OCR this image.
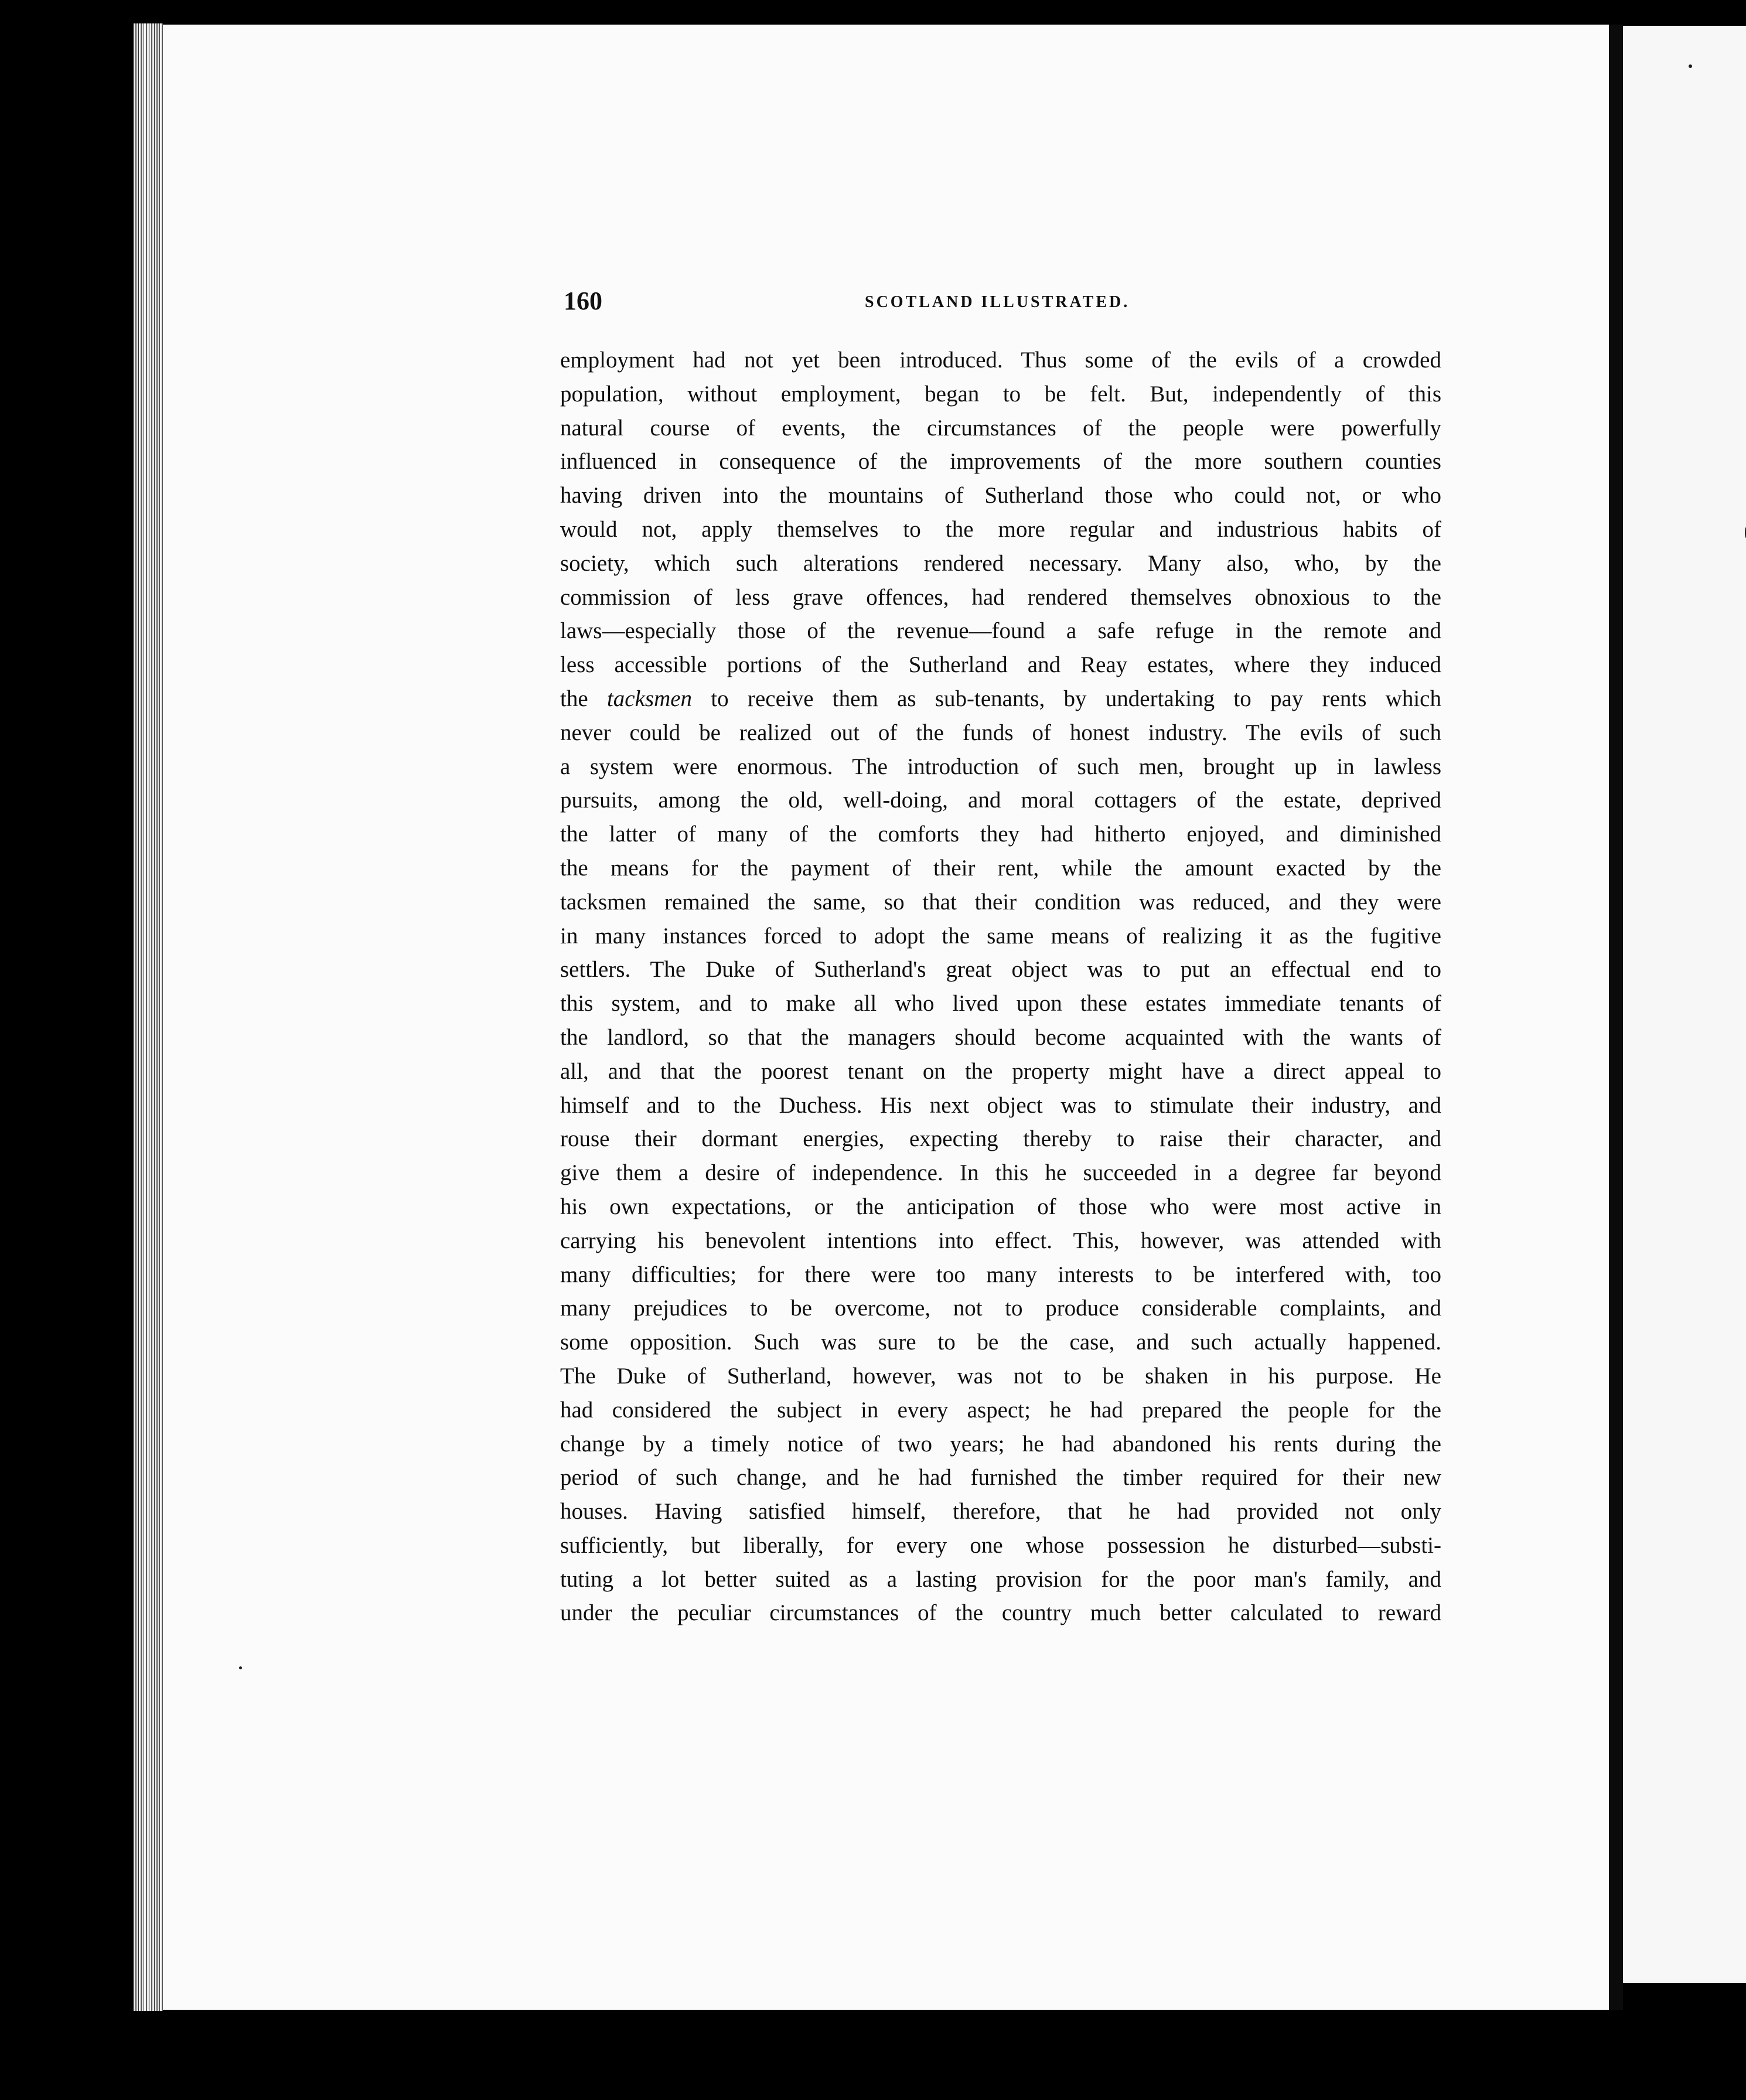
160	SCOTLAND ILLUSTRATED.
employment had not yet been introduced. Thus some of the evils of a crowded
population, without employment, began to be felt. But, independently of this
natural course of events, the circumstances of the people were powerfully
influenced in consequence of the improvements of the more southern counties
having driven into the mountains of Sutherland those who could not, or who
would not, apply themselves to the more regular and industrious habits of
society, which such alterations rendered necessary. Many also, who, by the
commission of less grave offences, had rendered themselves obnoxious to the
laws—especially those of the revenue—found a safe refuge in the remote and
less accessible portions of the Sutherland and Reay estates, where they induced
the tacksmen to receive them as sub-tenants, by undertaking to pay rents which
never could be realized out of the funds of honest industry. The evils of such
a system were enormous. The introduction of such men, brought up in lawless
pursuits, among the old, well-doing, and moral cottagers of the estate, deprived
the latter of many of the comforts they had hitherto enjoyed, and diminished
the means for the payment of their rent, while the amount exacted by the
tacksmen remained the same, so that their condition was reduced, and they were
in many instances forced to adopt the same means of realizing it as the fugitive
settlers. The Duke of Sutherland's great object was to put an effectual end to
this system, and to make all who lived upon these estates immediate tenants of
the landlord, so that the managers should become acquainted with the wants of
all, and that the poorest tenant on the property might have a direct appeal to
himself and to the Duchess. His next object was to stimulate their industry, and
rouse their dormant energies, expecting thereby to raise their character, and
give them a desire of independence. In this he succeeded in a degree far beyond
his own expectations, or the anticipation of those who were most active in
carrying his benevolent intentions into effect. This, however, was attended with
many difficulties; for there were too many interests to be interfered with, too
many prejudices to be overcome, not to produce considerable complaints, and
some opposition. Such was sure to be the case, and such actually happened.
The Duke of Sutherland, however, was not to be shaken in his purpose. He
had considered the subject in every aspect; he had prepared the people for the
change by a timely notice of two years; he had abandoned his rents during the
period of such change, and he had furnished the timber required for their new
houses. Having satisfied himself, therefore, that he had provided not only
sufficiently, but liberally, for every one whose possession he disturbed—substi-
tuting a lot better suited as a lasting provision for the poor man's family, and
under the peculiar circumstances of the country much better calculated to reward
